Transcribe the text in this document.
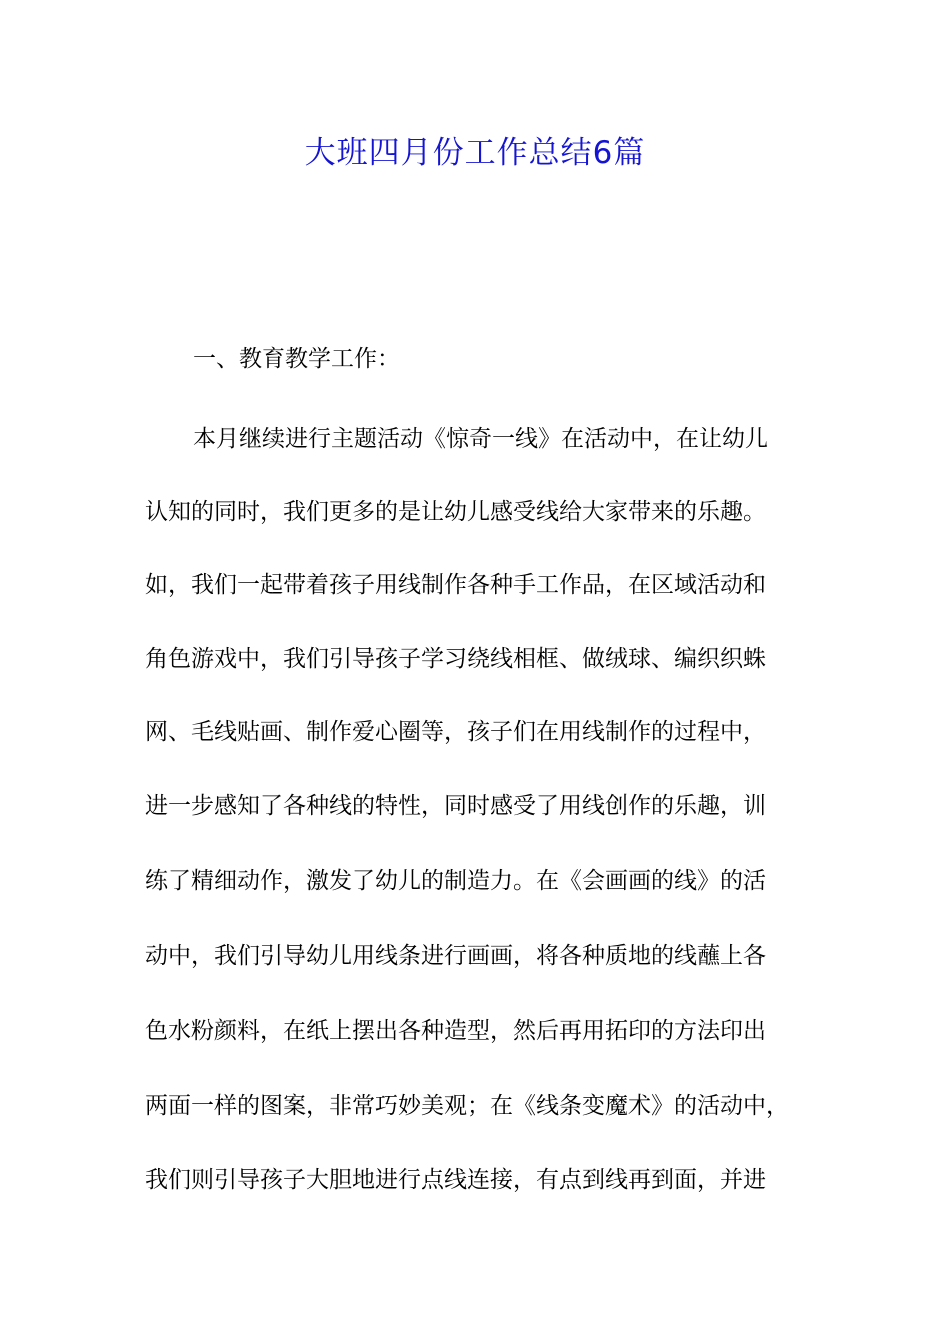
大班四月份工作总结6篇

一、教育教学工作：

本月继续进行主题活动《惊奇一线》在活动中，在让幼儿

认知的同时，我们更多的是让幼儿感受线给大家带来的乐趣。

如，我们一起带着孩子用线制作各种手工作品，在区域活动和

角色游戏中，我们引导孩子学习绕线相框、做绒球、编织织蛛

网、毛线贴画、制作爱心圈等，孩子们在用线制作的过程中，

进一步感知了各种线的特性，同时感受了用线创作的乐趣，训

练了精细动作，激发了幼儿的制造力。在《会画画的线》的活

动中，我们引导幼儿用线条进行画画，将各种质地的线蘸上各

色水粉颜料，在纸上摆出各种造型，然后再用拓印的方法印出

两面一样的图案，非常巧妙美观；在《线条变魔术》的活动中，

我们则引导孩子大胆地进行点线连接，有点到线再到面，并进
